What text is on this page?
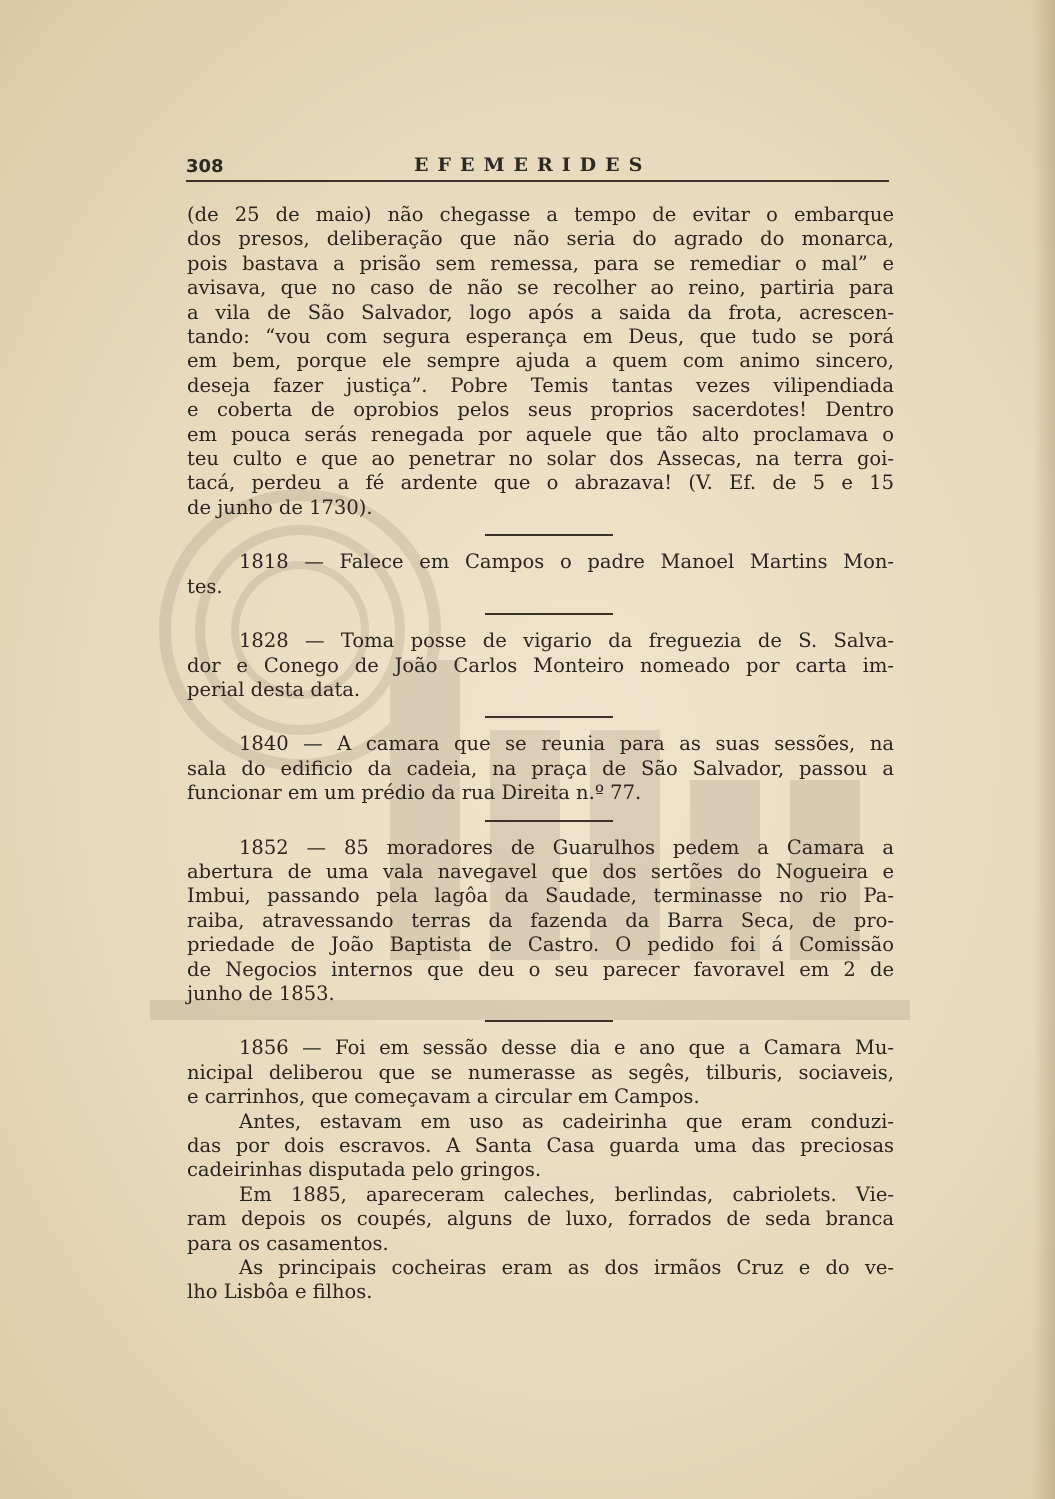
308	EFEMERIDES
(de 25 de maio) não chegasse a tempo de evitar o embarque
dos presos, deliberação que não seria do agrado do monarca,
pois bastava a prisão sem remessa, para se remediar o mal” e
avisava, que no caso de não se recolher ao reino, partiria para
a vila de São Salvador, logo após a saida da frota, acrescen-
tando: “vou com segura esperança em Deus, que tudo se porá
em bem, porque ele sempre ajuda a quem com animo sincero,
deseja fazer justiça”. Pobre Temis tantas vezes vilipendiada
e coberta de oprobios pelos seus proprios sacerdotes! Dentro
em pouca serás renegada por aquele que tão alto proclamava o
teu culto e que ao penetrar no solar dos Assecas, na terra goi-
tacá, perdeu a fé ardente que o abrazava! (V. Ef. de 5 e 15
de junho de 1730).
1818 — Falece em Campos o padre Manoel Martins Mon-
tes.
1828 — Toma posse de vigario da freguezia de S. Salva-
dor e Conego de João Carlos Monteiro nomeado por carta im-
perial desta data.
1840 — A camara que se reunia para as suas sessões, na
sala do edificio da cadeia, na praça de São Salvador, passou a
funcionar em um prédio da rua Direita n.º 77.
1852 — 85 moradores de Guarulhos pedem a Camara a
abertura de uma vala navegavel que dos sertões do Nogueira e
Imbui, passando pela lagôa da Saudade, terminasse no rio Pa-
raiba, atravessando terras da fazenda da Barra Seca, de pro-
priedade de João Baptista de Castro. O pedido foi á Comissão
de Negocios internos que deu o seu parecer favoravel em 2 de
junho de 1853.
1856 — Foi em sessão desse dia e ano que a Camara Mu-
nicipal deliberou que se numerasse as segês, tilburis, sociaveis,
e carrinhos, que começavam a circular em Campos.
Antes, estavam em uso as cadeirinha que eram conduzi-
das por dois escravos. A Santa Casa guarda uma das preciosas
cadeirinhas disputada pelo gringos.
Em 1885, apareceram caleches, berlindas, cabriolets. Vie-
ram depois os coupés, alguns de luxo, forrados de seda branca
para os casamentos.
As principais cocheiras eram as dos irmãos Cruz e do ve-
lho Lisbôa e filhos.
